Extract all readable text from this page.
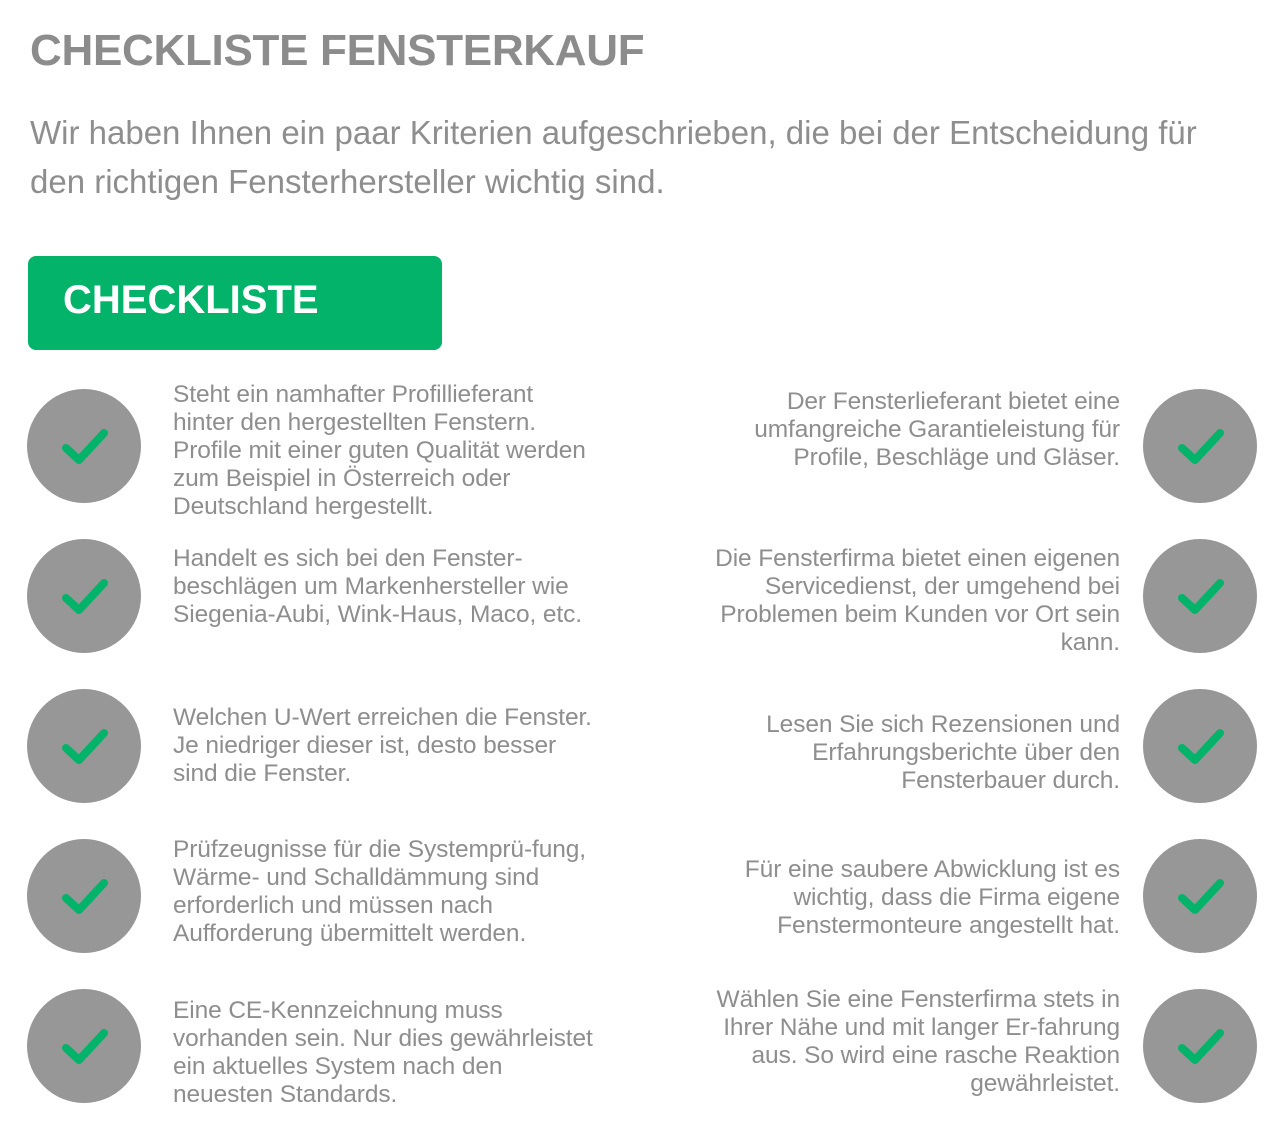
CHECKLISTE FENSTERKAUF

Wir haben Ihnen ein paar Kriterien aufgeschrieben, die bei der Entscheidung für den richtigen Fensterhersteller wichtig sind.

CHECKLISTE
Steht ein namhafter Profillieferant hinter den hergestellten Fenstern. Profile mit einer guten Qualität werden zum Beispiel in Österreich oder Deutschland hergestellt.
Handelt es sich bei den Fenster-beschlägen um Markenhersteller wie Siegenia-Aubi, Wink-Haus, Maco, etc.
Welchen U-Wert erreichen die Fenster. Je niedriger dieser ist, desto besser sind die Fenster.
Prüfzeugnisse für die Systemprü-fung, Wärme- und Schalldämmung sind erforderlich und müssen nach Aufforderung übermittelt werden.
Eine CE-Kennzeichnung muss vorhanden sein. Nur dies gewährleistet ein aktuelles System nach den neuesten Standards.
Der Fensterlieferant bietet eine umfangreiche Garantieleistung für Profile, Beschläge und Gläser.
Die Fensterfirma bietet einen eigenen Servicedienst, der umgehend bei Problemen beim Kunden vor Ort sein kann.
Lesen Sie sich Rezensionen und Erfahrungsberichte über den Fensterbauer durch.
Für eine saubere Abwicklung ist es wichtig, dass die Firma eigene Fenstermonteure angestellt hat.
Wählen Sie eine Fensterfirma stets in Ihrer Nähe und mit langer Er-fahrung aus. So wird eine rasche Reaktion gewährleistet.
